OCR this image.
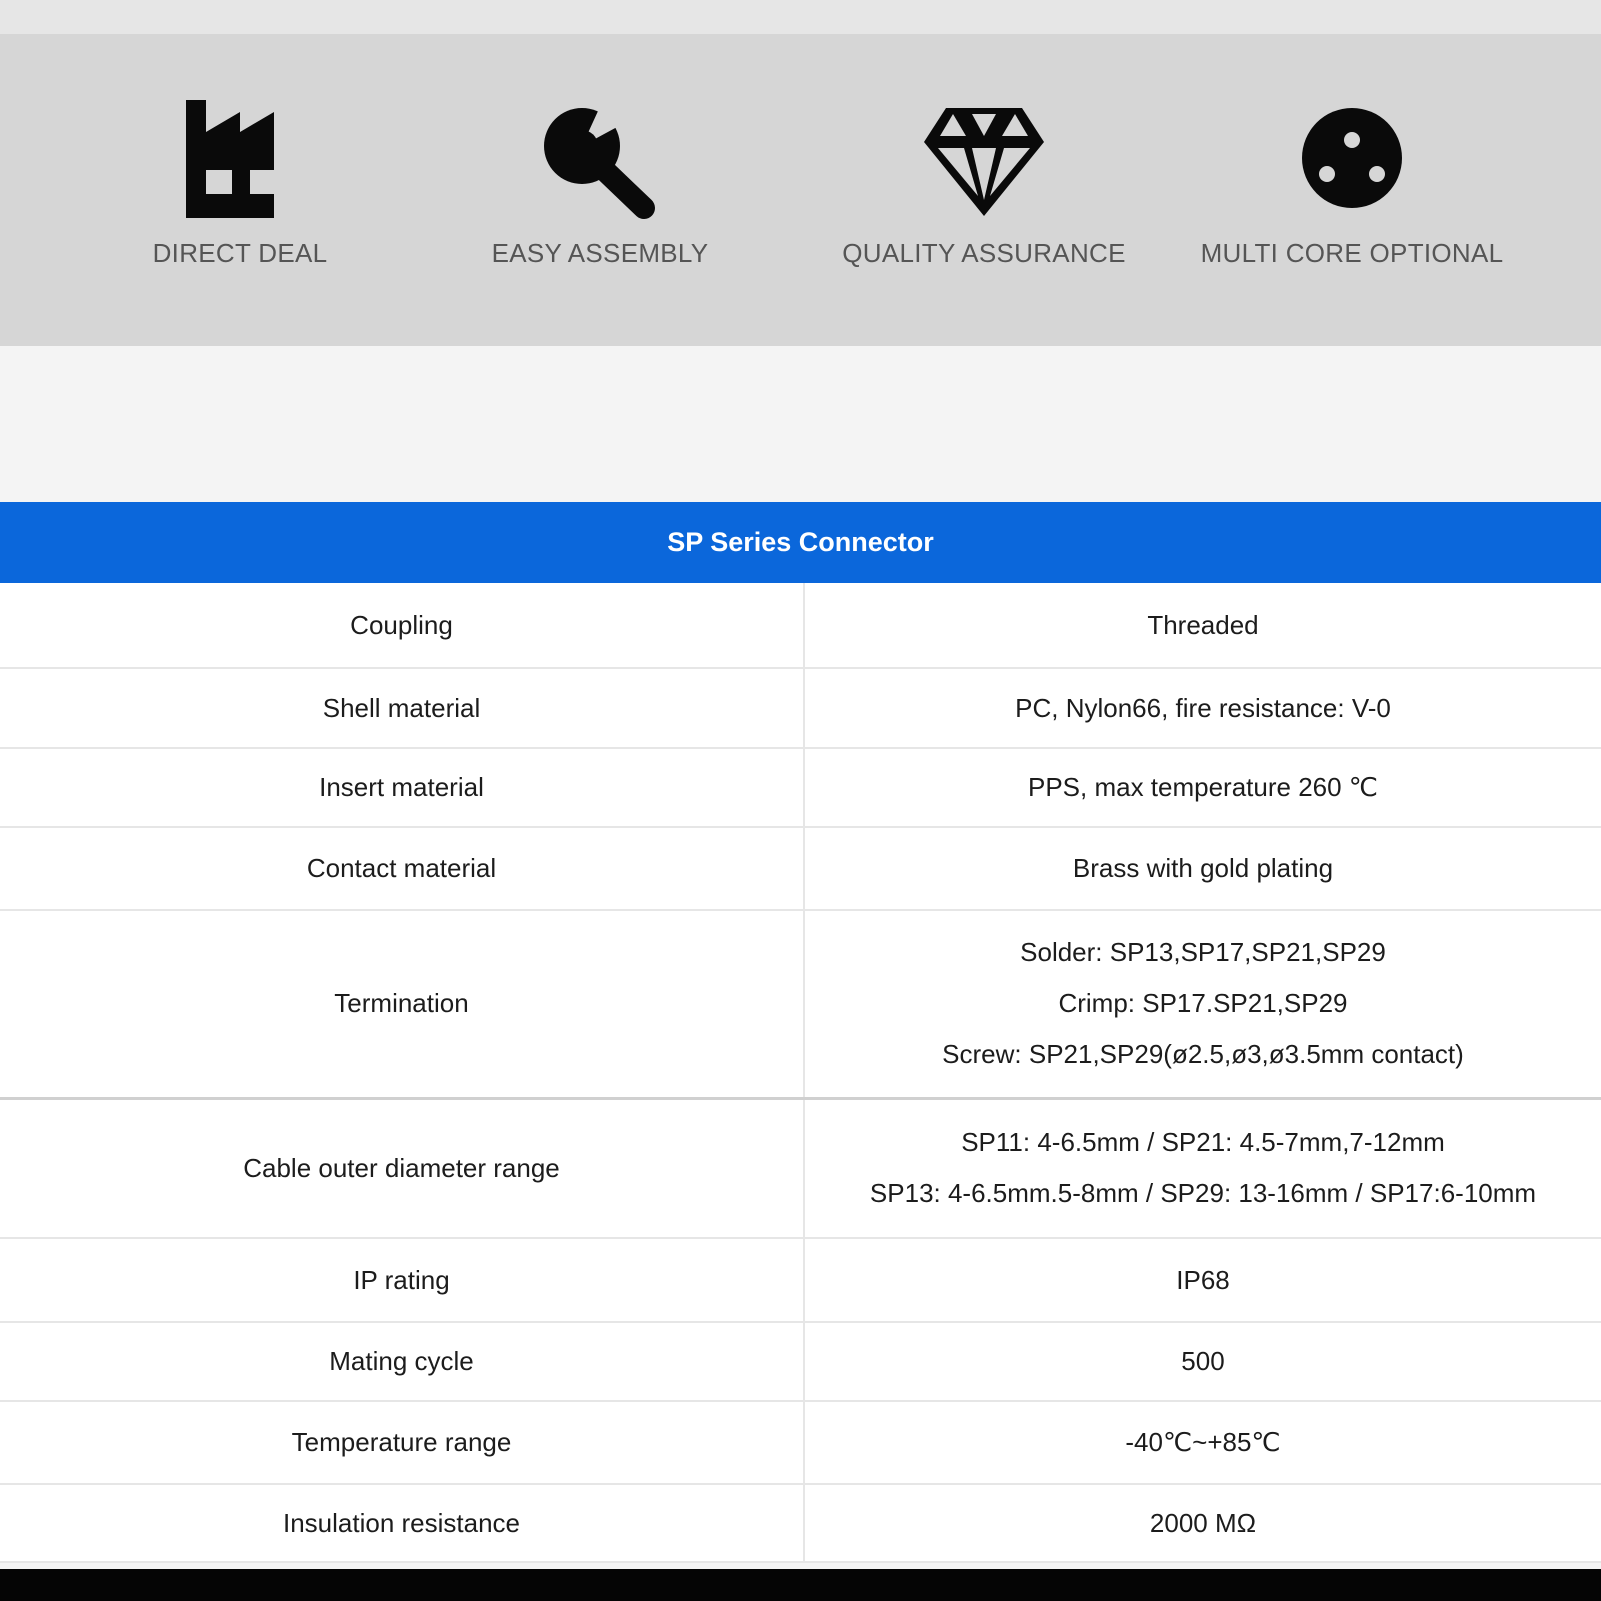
DIRECT DEAL	EASY ASSEMBLY	QUALITY ASSURANCE	MULTI CORE OPTIONAL
SP Series Connector
Coupling	Threaded

Shell material	PC, Nylon66, fire resistance: V-0

Insert material	PPS, max temperature 260 ℃

Contact material	Brass with gold plating

Termination	Solder: SP13,SP17,SP21,SP29
Crimp: SP17.SP21,SP29
Screw: SP21,SP29(ø2.5,ø3,ø3.5mm contact)

Cable outer diameter range	SP11: 4-6.5mm / SP21: 4.5-7mm,7-12mm
SP13: 4-6.5mm.5-8mm / SP29: 13-16mm / SP17:6-10mm

IP rating	IP68

Mating cycle	500

Temperature range	-40℃~+85℃

Insulation resistance	2000 MΩ
